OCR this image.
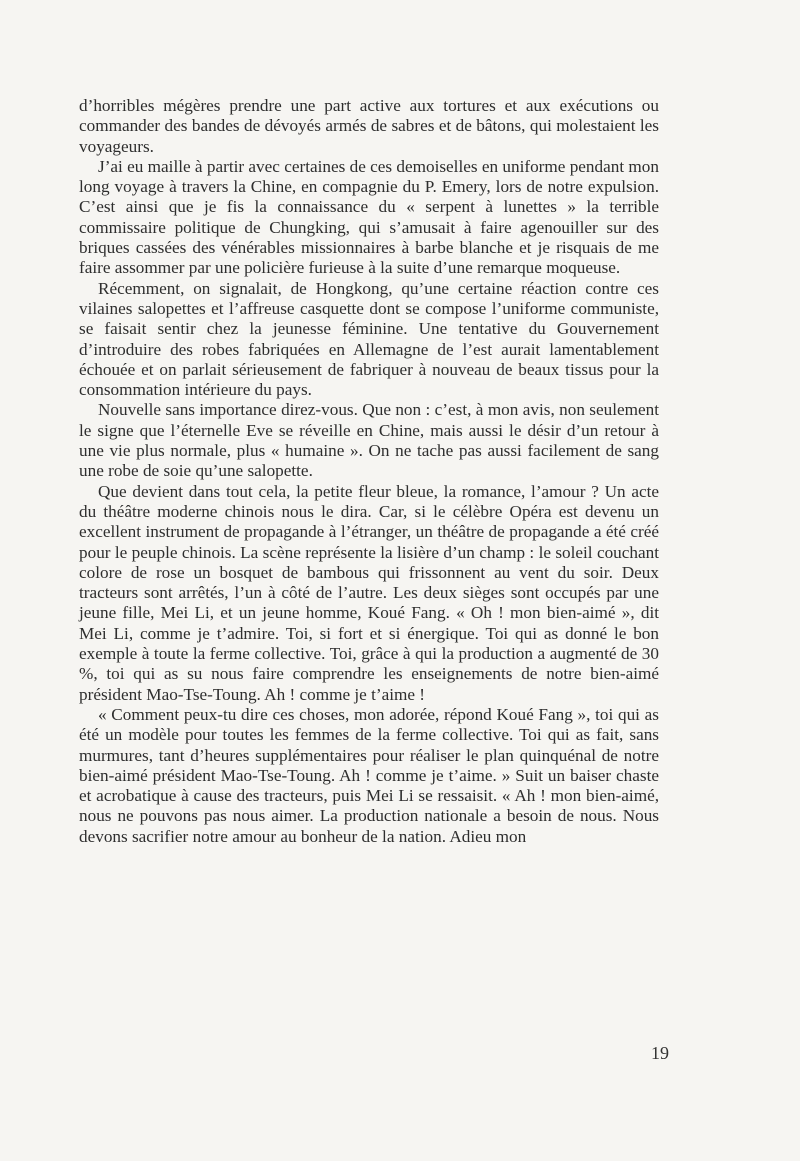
d’horribles mégères prendre une part active aux tortures et aux exécutions ou commander des bandes de dévoyés armés de sabres et de bâtons, qui molestaient les voyageurs.

J’ai eu maille à partir avec certaines de ces demoiselles en uniforme pendant mon long voyage à travers la Chine, en compagnie du P. Emery, lors de notre expulsion. C’est ainsi que je fis la connaissance du « serpent à lunettes » la terrible commissaire politique de Chungking, qui s’amusait à faire agenouiller sur des briques cassées des vénérables missionnaires à barbe blanche et je risquais de me faire assommer par une policière furieuse à la suite d’une remarque moqueuse.

Récemment, on signalait, de Hongkong, qu’une certaine réaction contre ces vilaines salopettes et l’affreuse casquette dont se compose l’uniforme communiste, se faisait sentir chez la jeunesse féminine. Une tentative du Gouvernement d’introduire des robes fabriquées en Allemagne de l’est aurait lamentablement échouée et on parlait sérieusement de fabriquer à nouveau de beaux tissus pour la consommation intérieure du pays.

Nouvelle sans importance direz-vous. Que non : c’est, à mon avis, non seulement le signe que l’éternelle Eve se réveille en Chine, mais aussi le désir d’un retour à une vie plus normale, plus « humaine ». On ne tache pas aussi facilement de sang une robe de soie qu’une salopette.

Que devient dans tout cela, la petite fleur bleue, la romance, l’amour ? Un acte du théâtre moderne chinois nous le dira. Car, si le célèbre Opéra est devenu un excellent instrument de propagande à l’étranger, un théâtre de propagande a été créé pour le peuple chinois. La scène représente la lisière d’un champ : le soleil couchant colore de rose un bosquet de bambous qui frissonnent au vent du soir. Deux tracteurs sont arrêtés, l’un à côté de l’autre. Les deux sièges sont occupés par une jeune fille, Mei Li, et un jeune homme, Koué Fang. « Oh ! mon bien-aimé », dit Mei Li, comme je t’admire. Toi, si fort et si énergique. Toi qui as donné le bon exemple à toute la ferme collective. Toi, grâce à qui la production a augmenté de 30 %, toi qui as su nous faire comprendre les enseignements de notre bien-aimé président Mao-Tse-Toung. Ah ! comme je t’aime !

« Comment peux-tu dire ces choses, mon adorée, répond Koué Fang », toi qui as été un modèle pour toutes les femmes de la ferme collective. Toi qui as fait, sans murmures, tant d’heures supplémentaires pour réaliser le plan quinquénal de notre bien-aimé président Mao-Tse-Toung. Ah ! comme je t’aime. » Suit un baiser chaste et acrobatique à cause des tracteurs, puis Mei Li se ressaisit. « Ah ! mon bien-aimé, nous ne pouvons pas nous aimer. La production nationale a besoin de nous. Nous devons sacrifier notre amour au bonheur de la nation. Adieu mon

19
